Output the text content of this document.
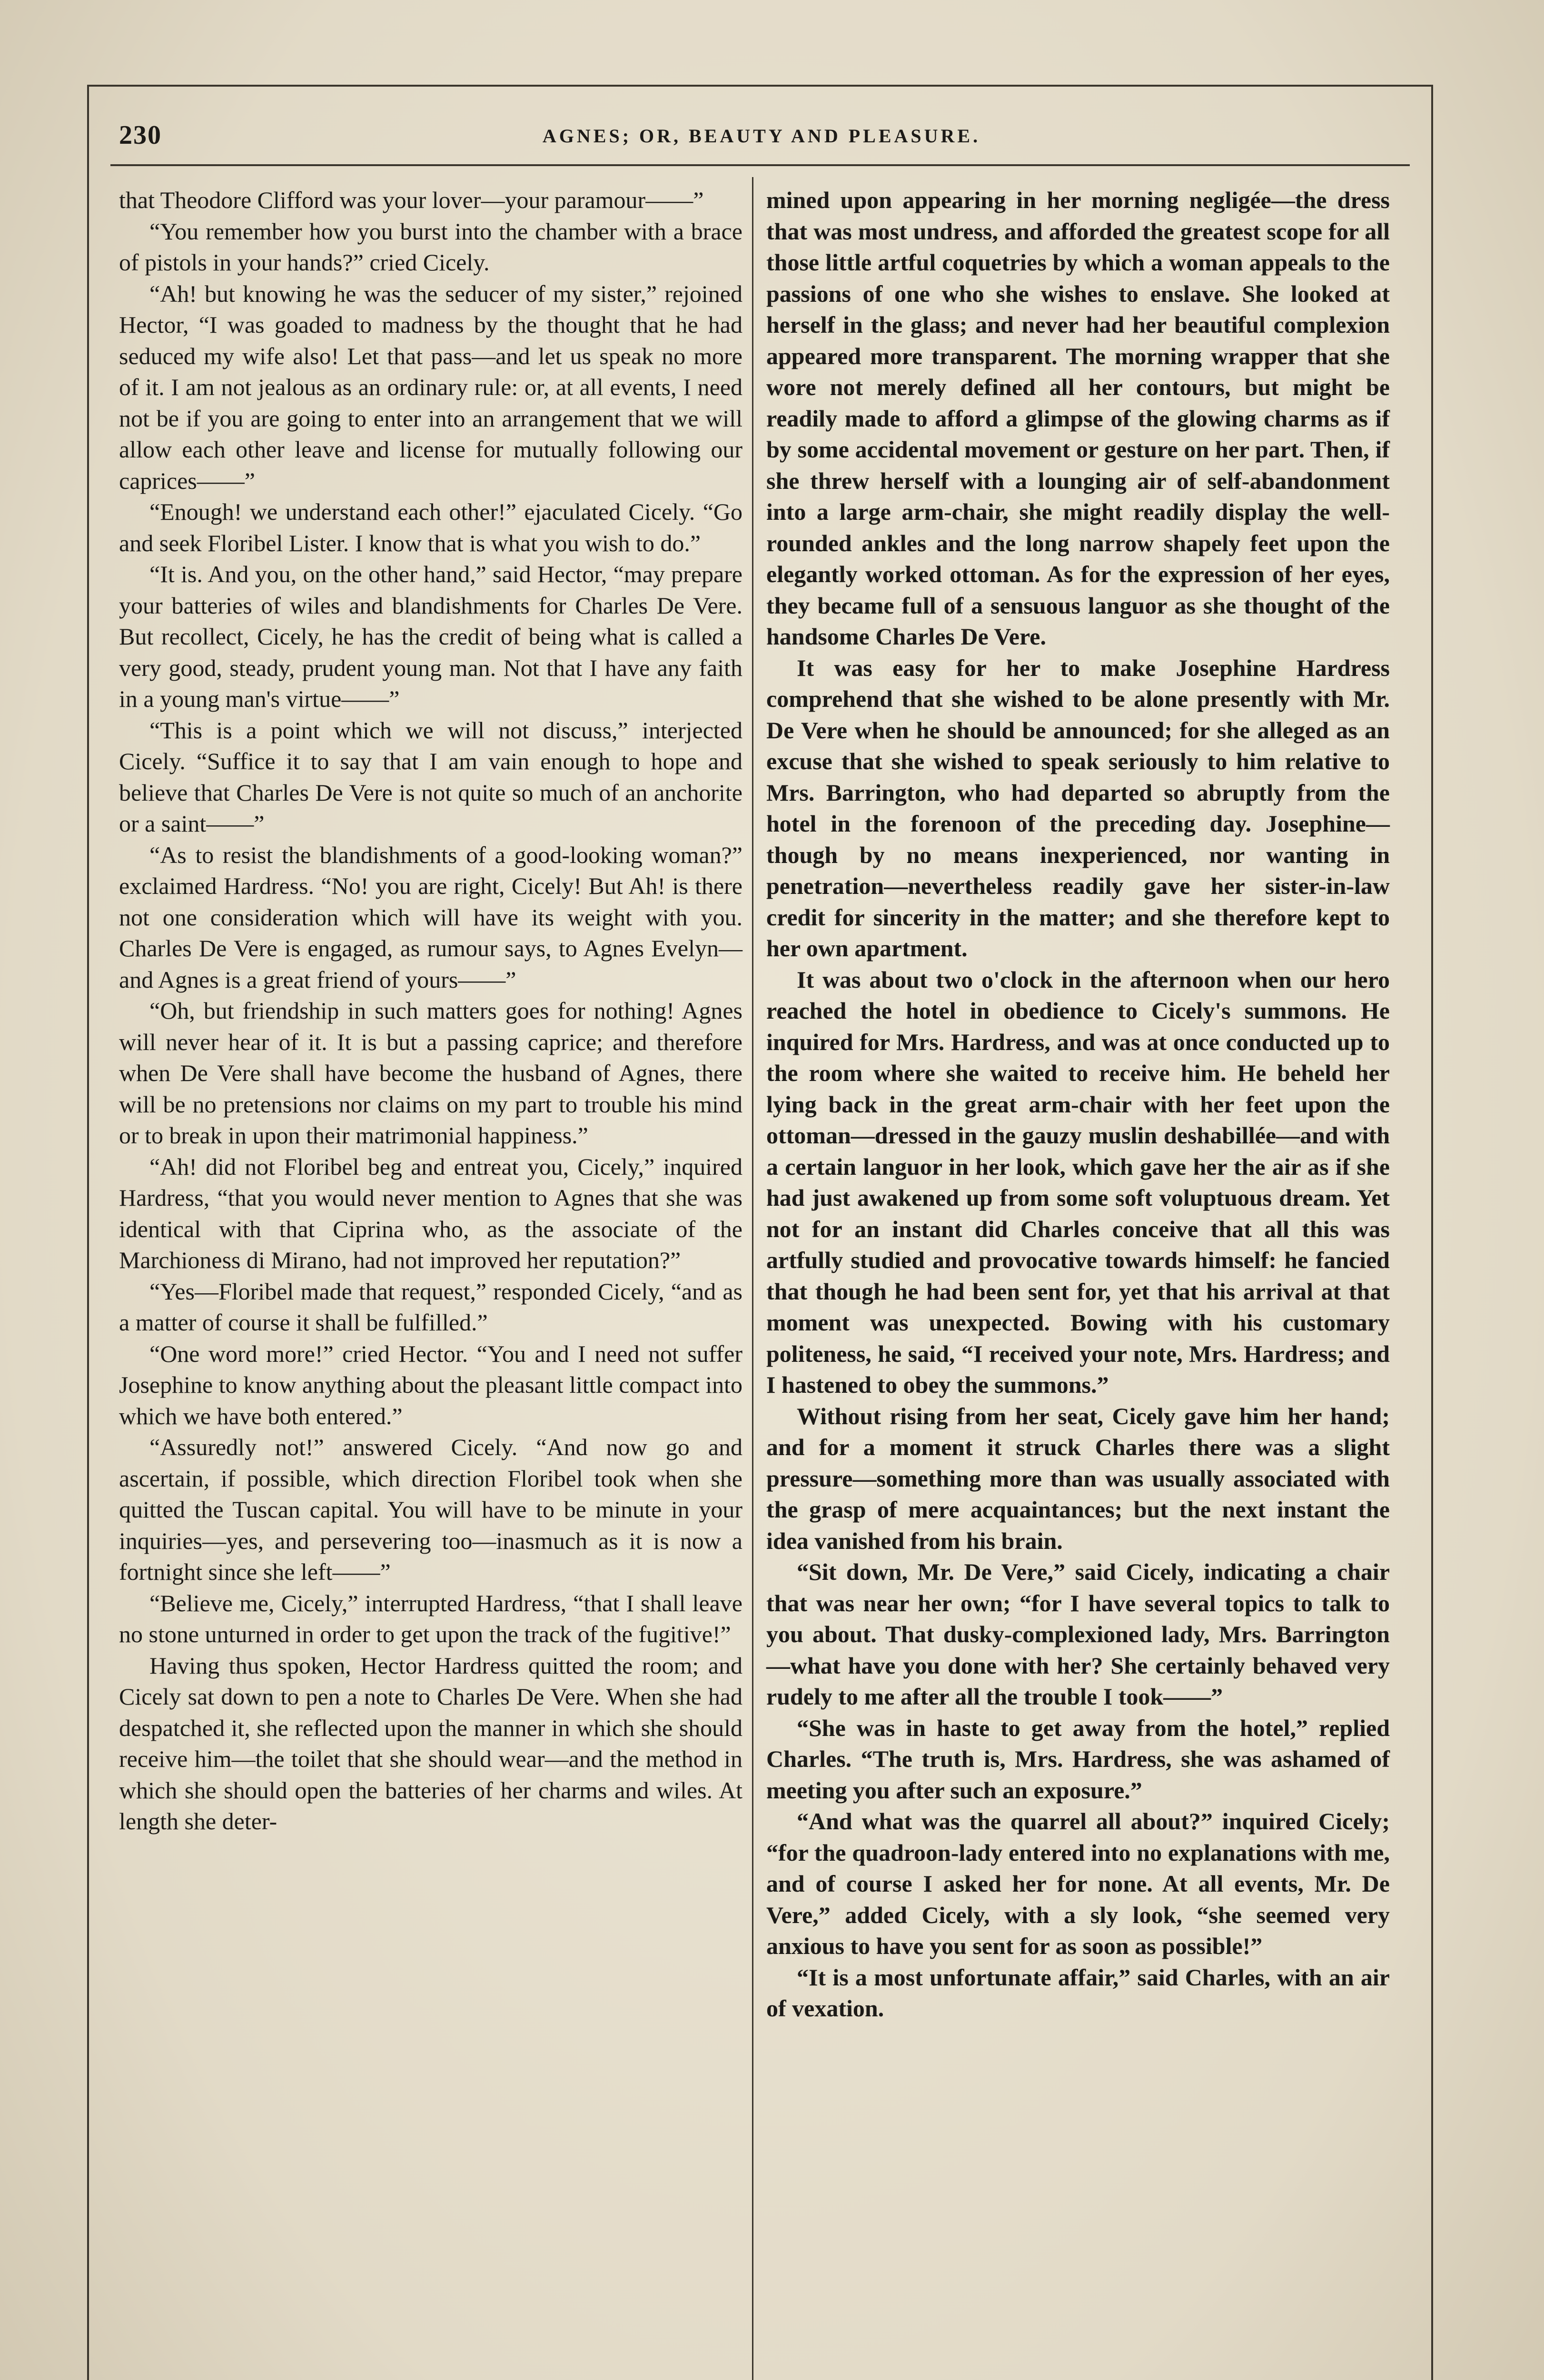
230	AGNES; OR, BEAUTY AND PLEASURE.

that Theodore Clifford was your lover—your paramour——”

“You remember how you burst into the chamber with a brace of pistols in your hands?” cried Cicely.

“Ah! but knowing he was the seducer of my sister,” rejoined Hector, “I was goaded to madness by the thought that he had seduced my wife also! Let that pass—and let us speak no more of it. I am not jealous as an ordinary rule: or, at all events, I need not be if you are going to enter into an arrangement that we will allow each other leave and license for mutually following our caprices——”

“Enough! we understand each other!” ejaculated Cicely. “Go and seek Floribel Lister. I know that is what you wish to do.”

“It is. And you, on the other hand,” said Hector, “may prepare your batteries of wiles and blandishments for Charles De Vere. But recollect, Cicely, he has the credit of being what is called a very good, steady, prudent young man. Not that I have any faith in a young man's virtue——”

“This is a point which we will not discuss,” interjected Cicely. “Suffice it to say that I am vain enough to hope and believe that Charles De Vere is not quite so much of an anchorite or a saint——”

“As to resist the blandishments of a good-looking woman?” exclaimed Hardress. “No! you are right, Cicely! But Ah! is there not one consideration which will have its weight with you. Charles De Vere is engaged, as rumour says, to Agnes Evelyn—and Agnes is a great friend of yours——”

“Oh, but friendship in such matters goes for nothing! Agnes will never hear of it. It is but a passing caprice; and therefore when De Vere shall have become the husband of Agnes, there will be no pretensions nor claims on my part to trouble his mind or to break in upon their matrimonial happiness.”

“Ah! did not Floribel beg and entreat you, Cicely,” inquired Hardress, “that you would never mention to Agnes that she was identical with that Ciprina who, as the associate of the Marchioness di Mirano, had not improved her reputation?”

“Yes—Floribel made that request,” responded Cicely, “and as a matter of course it shall be fulfilled.”

“One word more!” cried Hector. “You and I need not suffer Josephine to know anything about the pleasant little compact into which we have both entered.”

“Assuredly not!” answered Cicely. “And now go and ascertain, if possible, which direction Floribel took when she quitted the Tuscan capital. You will have to be minute in your inquiries—yes, and persevering too—inasmuch as it is now a fortnight since she left——”

“Believe me, Cicely,” interrupted Hardress, “that I shall leave no stone unturned in order to get upon the track of the fugitive!”

Having thus spoken, Hector Hardress quitted the room; and Cicely sat down to pen a note to Charles De Vere. When she had despatched it, she reflected upon the manner in which she should receive him—the toilet that she should wear—and the method in which she should open the batteries of her charms and wiles. At length she deter-

mined upon appearing in her morning negligée—the dress that was most undress, and afforded the greatest scope for all those little artful coquetries by which a woman appeals to the passions of one who she wishes to enslave. She looked at herself in the glass; and never had her beautiful complexion appeared more transparent. The morning wrapper that she wore not merely defined all her contours, but might be readily made to afford a glimpse of the glowing charms as if by some accidental movement or gesture on her part. Then, if she threw herself with a lounging air of self-abandonment into a large arm-chair, she might readily display the well-rounded ankles and the long narrow shapely feet upon the elegantly worked ottoman. As for the expression of her eyes, they became full of a sensuous languor as she thought of the handsome Charles De Vere.

It was easy for her to make Josephine Hardress comprehend that she wished to be alone presently with Mr. De Vere when he should be announced; for she alleged as an excuse that she wished to speak seriously to him relative to Mrs. Barrington, who had departed so abruptly from the hotel in the forenoon of the preceding day. Josephine—though by no means inexperienced, nor wanting in penetration—nevertheless readily gave her sister-in-law credit for sincerity in the matter; and she therefore kept to her own apartment.

It was about two o'clock in the afternoon when our hero reached the hotel in obedience to Cicely's summons. He inquired for Mrs. Hardress, and was at once conducted up to the room where she waited to receive him. He beheld her lying back in the great arm-chair with her feet upon the ottoman—dressed in the gauzy muslin deshabillée—and with a certain languor in her look, which gave her the air as if she had just awakened up from some soft voluptuous dream. Yet not for an instant did Charles conceive that all this was artfully studied and provocative towards himself: he fancied that though he had been sent for, yet that his arrival at that moment was unexpected. Bowing with his customary politeness, he said, “I received your note, Mrs. Hardress; and I hastened to obey the summons.”

Without rising from her seat, Cicely gave him her hand; and for a moment it struck Charles there was a slight pressure—something more than was usually associated with the grasp of mere acquaintances; but the next instant the idea vanished from his brain.

“Sit down, Mr. De Vere,” said Cicely, indicating a chair that was near her own; “for I have several topics to talk to you about. That dusky-complexioned lady, Mrs. Barrington—what have you done with her? She certainly behaved very rudely to me after all the trouble I took——”

“She was in haste to get away from the hotel,” replied Charles. “The truth is, Mrs. Hardress, she was ashamed of meeting you after such an exposure.”

“And what was the quarrel all about?” inquired Cicely; “for the quadroon-lady entered into no explanations with me, and of course I asked her for none. At all events, Mr. De Vere,” added Cicely, with a sly look, “she seemed very anxious to have you sent for as soon as possible!”

“It is a most unfortunate affair,” said Charles, with an air of vexation.
